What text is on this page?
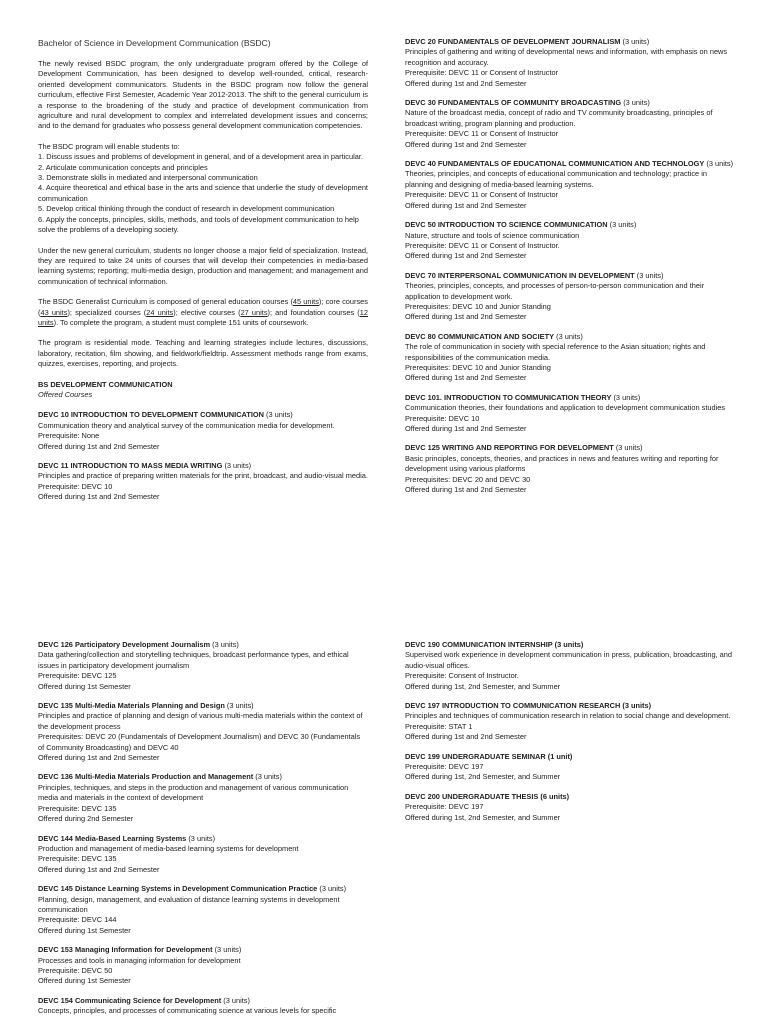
Bachelor of Science in Development Communication (BSDC)

The newly revised BSDC program, the only undergraduate program offered by the College of Development Communication, has been designed to develop well-rounded, critical, research-oriented development communicators. Students in the BSDC program now follow the general curriculum, effective First Semester, Academic Year 2012-2013. The shift to the general curriculum is a response to the broadening of the study and practice of development communication from agriculture and rural development to complex and interrelated development issues and concerns; and to the demand for graduates who possess general development communication competencies.

The BSDC program will enable students to:

1. Discuss issues and problems of development in general, and of a development area in particular.

2. Articulate communication concepts and principles

3. Demonstrate skills in mediated and interpersonal communication

4. Acquire theoretical and ethical base in the arts and science that underlie the study of development communication

5. Develop critical thinking through the conduct of research in development communication

6. Apply the concepts, principles, skills, methods, and tools of development communication to help solve the problems of a developing society.

Under the new general curriculum, students no longer choose a major field of specialization. Instead, they are required to take 24 units of courses that will develop their competencies in media-based learning systems; reporting; multi-media design, production and management; and management and communication of technical information.

The BSDC Generalist Curriculum is composed of general education courses (45 units); core courses (43 units); specialized courses (24 units); elective courses (27 units); and foundation courses (12 units). To complete the program, a student must complete 151 units of coursework.

The program is residential mode. Teaching and learning strategies include lectures, discussions, laboratory, recitation, film showing, and fieldwork/fieldtrip. Assessment methods range from exams, quizzes, exercises, reporting, and projects.

BS DEVELOPMENT COMMUNICATION

Offered Courses

DEVC 10 INTRODUCTION TO DEVELOPMENT COMMUNICATION (3 units)

Communication theory and analytical survey of the communication media for development.

Prerequisite: None

Offered during 1st and 2nd Semester

DEVC 11 INTRODUCTION TO MASS MEDIA WRITING (3 units)

Principles and practice of preparing written materials for the print, broadcast, and audio-visual media.

Prerequisite: DEVC 10

Offered during 1st and 2nd Semester

DEVC 20 FUNDAMENTALS OF DEVELOPMENT JOURNALISM (3 units)

Principles of gathering and writing of developmental news and information, with emphasis on news recognition and accuracy.

Prerequisite: DEVC 11 or Consent of Instructor

Offered during 1st and 2nd Semester

DEVC 30 FUNDAMENTALS OF COMMUNITY BROADCASTING (3 units)

Nature of the broadcast media, concept of radio and TV community broadcasting, principles of broadcast writing, program planning and production.

Prerequisite: DEVC 11 or Consent of Instructor

Offered during 1st and 2nd Semester

DEVC 40 FUNDAMENTALS OF EDUCATIONAL COMMUNICATION AND TECHNOLOGY (3 units)

Theories, principles, and concepts of educational communication and technology; practice in planning and designing of media-based learning systems.

Prerequisite: DEVC 11 or Consent of Instructor

Offered during 1st and 2nd Semester

DEVC 50 INTRODUCTION TO SCIENCE COMMUNICATION (3 units)

Nature, structure and tools of science communication

Prerequisite: DEVC 11 or Consent of Instructor.

Offered during 1st and 2nd Semester

DEVC 70 INTERPERSONAL COMMUNICATION IN DEVELOPMENT (3 units)

Theories, principles, concepts, and processes of person-to-person communication and their application to development work.

Prerequisites: DEVC 10 and Junior Standing

Offered during 1st and 2nd Semester

DEVC 80 COMMUNICATION AND SOCIETY (3 units)

The role of communication in society with special reference to the Asian situation; rights and responsibilities of the communication media.

Prerequisites: DEVC 10 and Junior Standing

Offered during 1st and 2nd Semester

DEVC 101. INTRODUCTION TO COMMUNICATION THEORY (3 units)

Communication theories, their foundations and application to development communication studies

Prerequisite: DEVC 10

Offered during 1st and 2nd Semester

DEVC 125 WRITING AND REPORTING FOR DEVELOPMENT (3 units)

Basic principles, concepts, theories, and practices in news and features writing and reporting for development using various platforms

Prerequisites: DEVC 20 and DEVC 30

Offered during 1st and 2nd Semester

DEVC 126 Participatory Development Journalism (3 units)

Data gathering/collection and storytelling techniques, broadcast performance types, and ethical issues in participatory development journalism

Prerequisite: DEVC 125

Offered during 1st Semester

DEVC 135 Multi-Media Materials Planning and Design (3 units)

Principles and practice of planning and design of various multi-media materials within the context of the development process

Prerequisites: DEVC 20 (Fundamentals of Development Journalism) and DEVC 30 (Fundamentals of Community Broadcasting) and DEVC 40

Offered during 1st and 2nd Semester

DEVC 136 Multi-Media Materials Production and Management (3 units)

Principles, techniques, and steps in the production and management of various communication media and materials in the context of development

Prerequisite: DEVC 135

Offered during 2nd Semester

DEVC 144 Media-Based Learning Systems (3 units)

Production and management of media-based learning systems for development

Prerequisite: DEVC 135

Offered during 1st and 2nd Semester

DEVC 145 Distance Learning Systems in Development Communication Practice (3 units)

Planning, design, management, and evaluation of distance learning systems in development communication

Prerequisite: DEVC 144

Offered during 1st Semester

DEVC 153 Managing Information for Development (3 units)

Processes and tools in managing information for development

Prerequisite: DEVC 50

Offered during 1st Semester

DEVC 154 Communicating Science for Development (3 units)

Concepts, principles, and processes of communicating science at various levels for specific

DEVC 190 COMMUNICATION INTERNSHIP (3 units)

Supervised work experience in development communication in press, publication, broadcasting, and audio-visual offices.

Prerequisite: Consent of Instructor.

Offered during 1st, 2nd Semester, and Summer

DEVC 197 INTRODUCTION TO COMMUNICATION RESEARCH (3 units)

Principles and techniques of communication research in relation to social change and development.

Prerequisite: STAT 1

Offered during 1st and 2nd Semester

DEVC 199 UNDERGRADUATE SEMINAR (1 unit)

Prerequisite: DEVC 197

Offered during 1st, 2nd Semester, and Summer

DEVC 200 UNDERGRADUATE THESIS (6 units)

Prerequisite: DEVC 197

Offered during 1st, 2nd Semester, and Summer
